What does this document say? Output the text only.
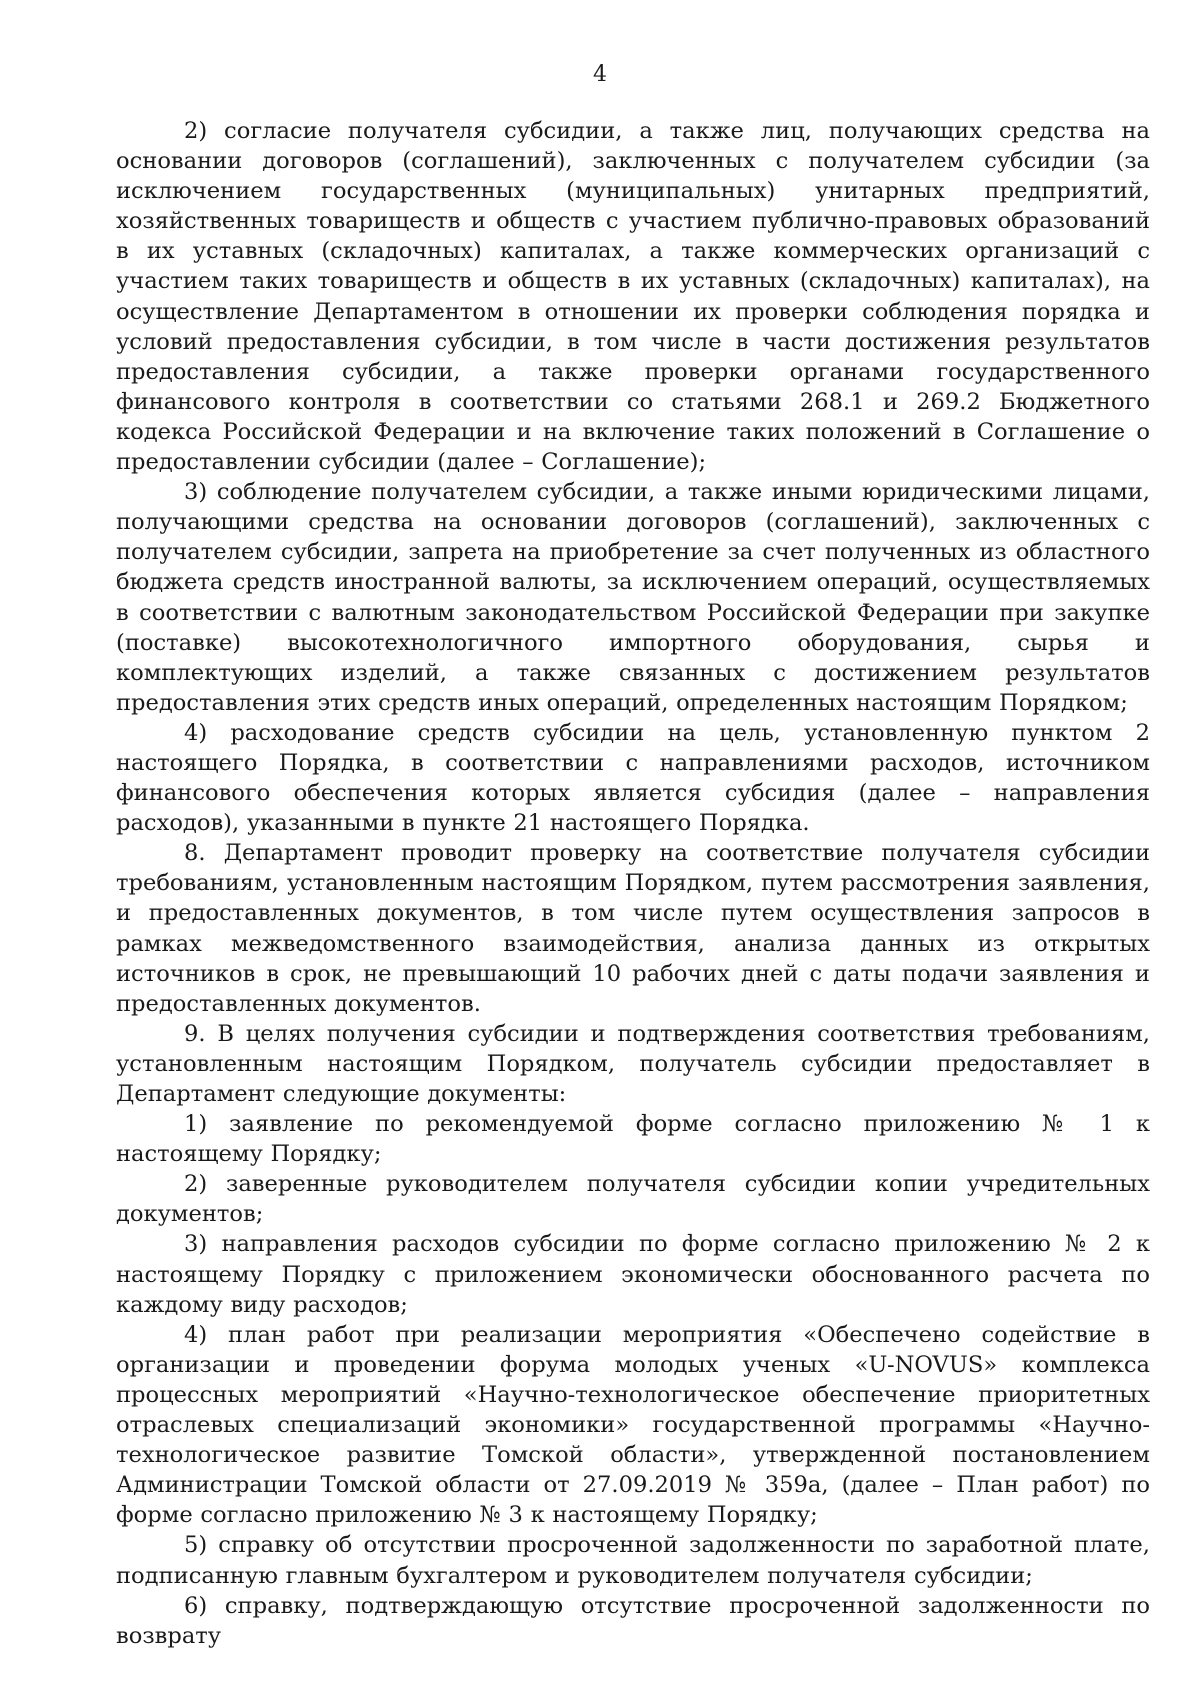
4

2) согласие получателя субсидии, а также лиц, получающих средства на основании договоров (соглашений), заключенных с получателем субсидии (за исключением государственных (муниципальных) унитарных предприятий, хозяйственных товариществ и обществ с участием публично-правовых образований в их уставных (складочных) капиталах, а также коммерческих организаций с участием таких товариществ и обществ в их уставных (складочных) капиталах), на осуществление Департаментом в отношении их проверки соблюдения порядка и условий предоставления субсидии, в том числе в части достижения результатов предоставления субсидии, а также проверки органами государственного финансового контроля в соответствии со статьями 268.1 и 269.2 Бюджетного кодекса Российской Федерации и на включение таких положений в Соглашение о предоставлении субсидии (далее – Соглашение);

3) соблюдение получателем субсидии, а также иными юридическими лицами, получающими средства на основании договоров (соглашений), заключенных с получателем субсидии, запрета на приобретение за счет полученных из областного бюджета средств иностранной валюты, за исключением операций, осуществляемых в соответствии с валютным законодательством Российской Федерации при закупке (поставке) высокотехнологичного импортного оборудования, сырья и комплектующих изделий, а также связанных с достижением результатов предоставления этих средств иных операций, определенных настоящим Порядком;

4) расходование средств субсидии на цель, установленную пунктом 2 настоящего Порядка, в соответствии с направлениями расходов, источником финансового обеспечения которых является субсидия (далее – направления расходов), указанными в пункте 21 настоящего Порядка.

8. Департамент проводит проверку на соответствие получателя субсидии требованиям, установленным настоящим Порядком, путем рассмотрения заявления, и предоставленных документов, в том числе путем осуществления запросов в рамках межведомственного взаимодействия, анализа данных из открытых источников в срок, не превышающий 10 рабочих дней с даты подачи заявления и предоставленных документов.

9. В целях получения субсидии и подтверждения соответствия требованиям, установленным настоящим Порядком, получатель субсидии предоставляет в Департамент следующие документы:

1) заявление по рекомендуемой форме согласно приложению № 1 к настоящему Порядку;

2) заверенные руководителем получателя субсидии копии учредительных документов;

3) направления расходов субсидии по форме согласно приложению № 2 к настоящему Порядку с приложением экономически обоснованного расчета по каждому виду расходов;

4) план работ при реализации мероприятия «Обеспечено содействие в организации и проведении форума молодых ученых «U-NOVUS» комплекса процессных мероприятий «Научно-технологическое обеспечение приоритетных отраслевых специализаций экономики» государственной программы «Научно-технологическое развитие Томской области», утвержденной постановлением Администрации Томской области от 27.09.2019 № 359а, (далее – План работ) по форме согласно приложению № 3 к настоящему Порядку;

5) справку об отсутствии просроченной задолженности по заработной плате, подписанную главным бухгалтером и руководителем получателя субсидии;

6) справку, подтверждающую отсутствие просроченной задолженности по возврату
